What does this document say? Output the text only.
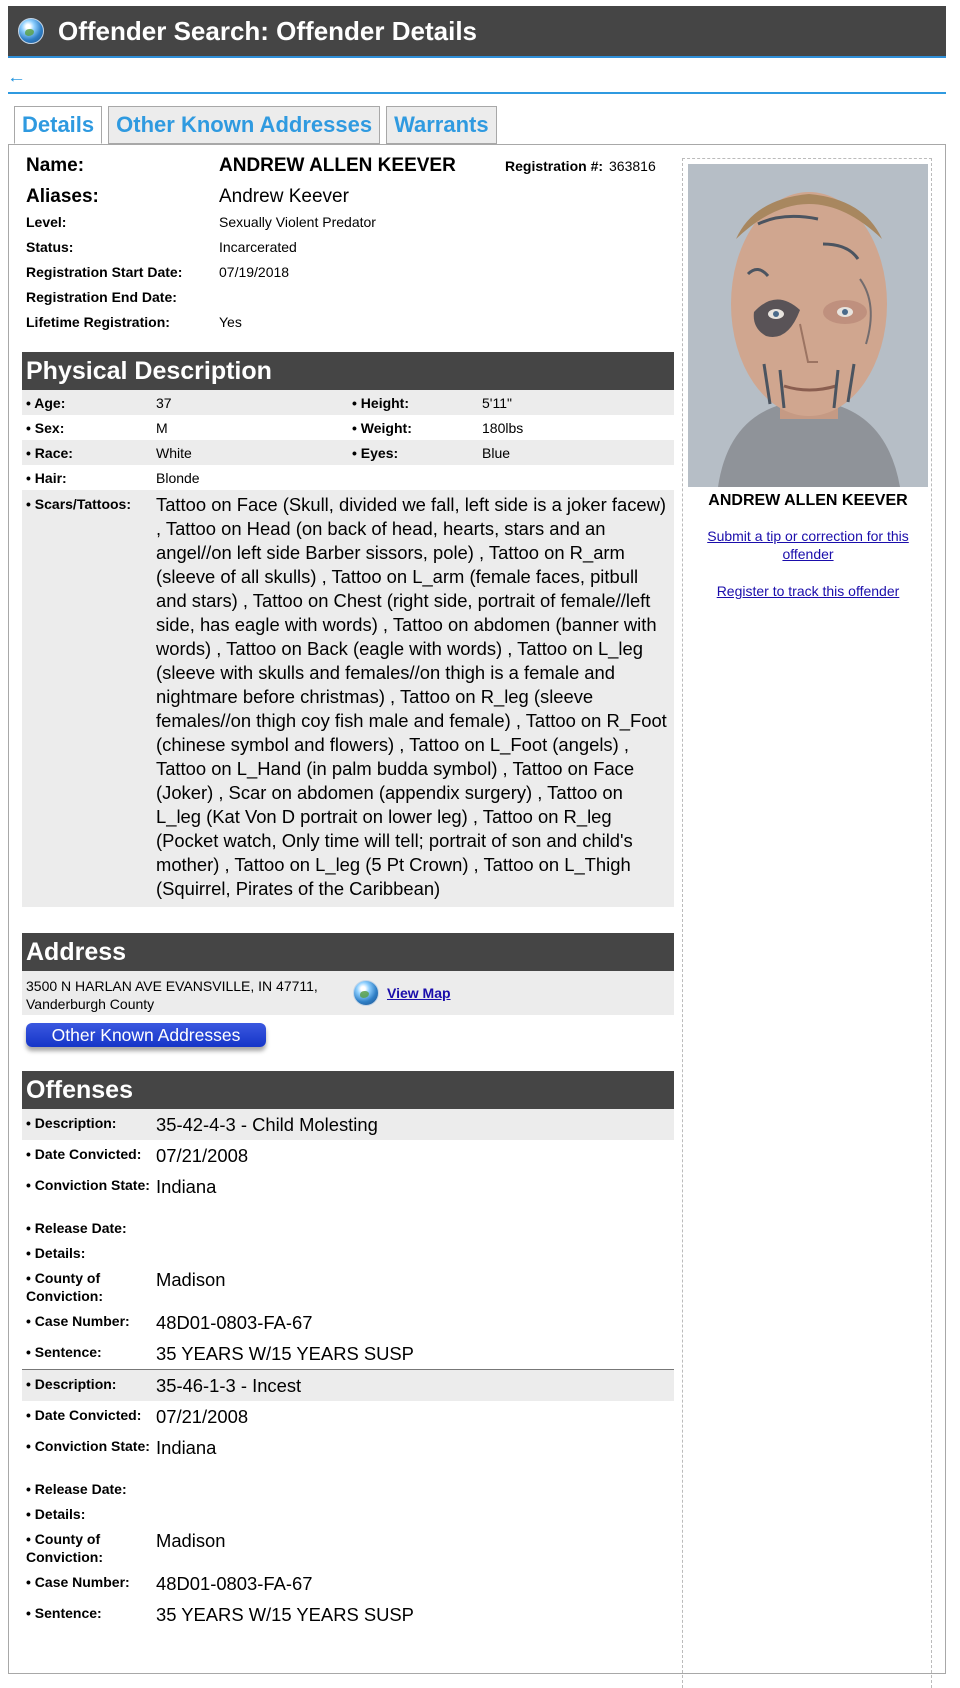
Offender Search: Offender Details
🠀
Details	Other Known Addresses	Warrants
Name:	ANDREW ALLEN KEEVER	Registration #: 363816
Aliases:	Andrew Keever
Level:	Sexually Violent Predator
Status:	Incarcerated
Registration Start Date:	07/19/2018
Registration End Date:
Lifetime Registration:	Yes
Physical Description
• Age:	37	• Height:	5'11"
• Sex:	M	• Weight:	180lbs
• Race:	White	• Eyes:	Blue
• Hair:	Blonde
• Scars/Tattoos: Tattoo on Face (Skull, divided we fall, left side is a joker facew) , Tattoo on Head (on back of head, hearts, stars and an angel//on left side Barber sissors, pole) , Tattoo on R_arm (sleeve of all skulls) , Tattoo on L_arm (female faces, pitbull and stars) , Tattoo on Chest (right side, portrait of female//left side, has eagle with words) , Tattoo on abdomen (banner with words) , Tattoo on Back (eagle with words) , Tattoo on L_leg (sleeve with skulls and females//on thigh is a female and nightmare before christmas) , Tattoo on R_leg (sleeve females//on thigh coy fish male and female) , Tattoo on R_Foot (chinese symbol and flowers) , Tattoo on L_Foot (angels) , Tattoo on L_Hand (in palm budda symbol) , Tattoo on Face (Joker) , Scar on abdomen (appendix surgery) , Tattoo on L_leg (Kat Von D portrait on lower leg) , Tattoo on R_leg (Pocket watch, Only time will tell; portrait of son and child's mother) , Tattoo on L_leg (5 Pt Crown) , Tattoo on L_Thigh (Squirrel, Pirates of the Caribbean)
Address
3500 N HARLAN AVE EVANSVILLE, IN 47711,
Vanderburgh County
View Map
Other Known Addresses
Offenses
• Description:	35-42-4-3 - Child Molesting
• Date Convicted: 07/21/2008
• Conviction State: Indiana
• Release Date:
• Details:
• County of Conviction:
Madison
• Case Number:	48D01-0803-FA-67
• Sentence:	35 YEARS W/15 YEARS SUSP
• Description:	35-46-1-3 - Incest
• Date Convicted: 07/21/2008
• Conviction State: Indiana
• Release Date:
• Details:
• County of Conviction:
Madison
• Case Number:	48D01-0803-FA-67
• Sentence:	35 YEARS W/15 YEARS SUSP
ANDREW ALLEN KEEVER
Submit a tip or correction for this offender
Register to track this offender
